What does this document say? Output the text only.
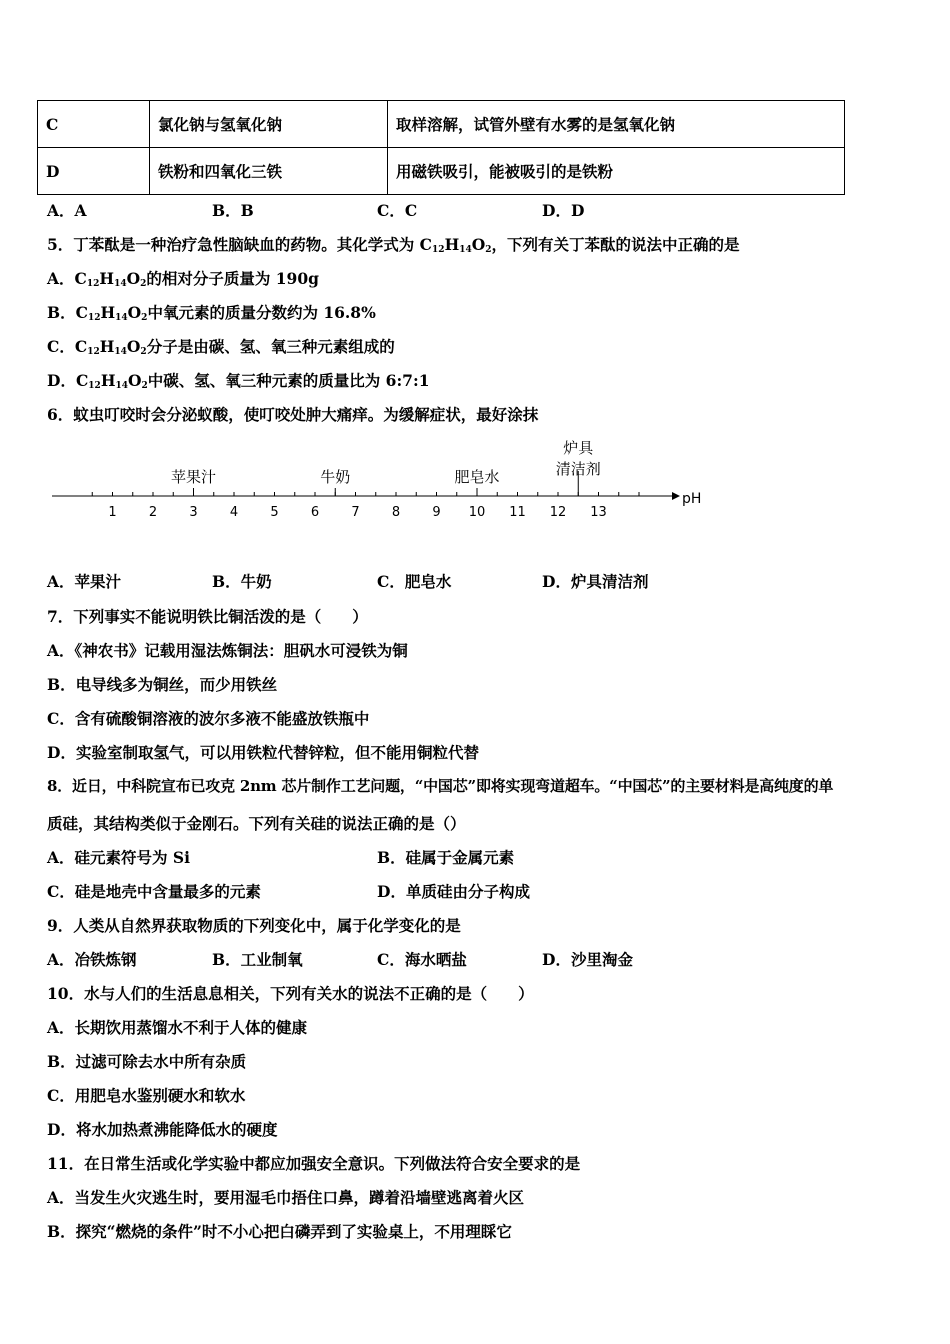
C	氯化钠与氢氧化钠	取样溶解，试管外壁有水雾的是氢氧化钠
D	铁粉和四氧化三铁	用磁铁吸引，能被吸引的是铁粉
A．A	B．B	C．C	D．D
5．丁苯酞是一种治疗急性脑缺血的药物。其化学式为 $C_{12}H_{14}O_2$，下列有关丁苯酞的说法中正确的是
A．$C_{12}H_{14}O_2$的相对分子质量为 190g
B．$C_{12}H_{14}O_2$中氧元素的质量分数约为 16.8%
C．$C_{12}H_{14}O_2$分子是由碳、氢、氧三种元素组成的
D．$C_{12}H_{14}O_2$中碳、氢、氧三种元素的质量比为 6:7:1
6．蚊虫叮咬时会分泌蚁酸，使叮咬处肿大痛痒。为缓解症状，最好涂抹
pH
1 2 3 4 5 6 7 8 9 10 11 12 13
苹果汁	牛奶	肥皂水
炉具
清洁剂
A．苹果汁	B．牛奶	C．肥皂水	D．炉具清洁剂
7．下列事实不能说明铁比铜活泼的是（　　）
A．《神农书》记载用湿法炼铜法：胆矾水可浸铁为铜
B．电导线多为铜丝，而少用铁丝
C．含有硫酸铜溶液的波尔多液不能盛放铁瓶中
D．实验室制取氢气，可以用铁粒代替锌粒，但不能用铜粒代替
8．近日，中科院宣布已攻克 2nm 芯片制作工艺问题，“中国芯”即将实现弯道超车。“中国芯”的主要材料是高纯度的单
质硅，其结构类似于金刚石。下列有关硅的说法正确的是（）
A．硅元素符号为 Si	B．硅属于金属元素
C．硅是地壳中含量最多的元素	D．单质硅由分子构成
9．人类从自然界获取物质的下列变化中，属于化学变化的是
A．冶铁炼钢	B．工业制氧	C．海水晒盐	D．沙里淘金
10．水与人们的生活息息相关，下列有关水的说法不正确的是（　　）
A．长期饮用蒸馏水不利于人体的健康
B．过滤可除去水中所有杂质
C．用肥皂水鉴别硬水和软水
D．将水加热煮沸能降低水的硬度
11．在日常生活或化学实验中都应加强安全意识。下列做法符合安全要求的是
A．当发生火灾逃生时，要用湿毛巾捂住口鼻，蹲着沿墙壁逃离着火区
B．探究“燃烧的条件”时不小心把白磷弄到了实验桌上，不用理睬它
